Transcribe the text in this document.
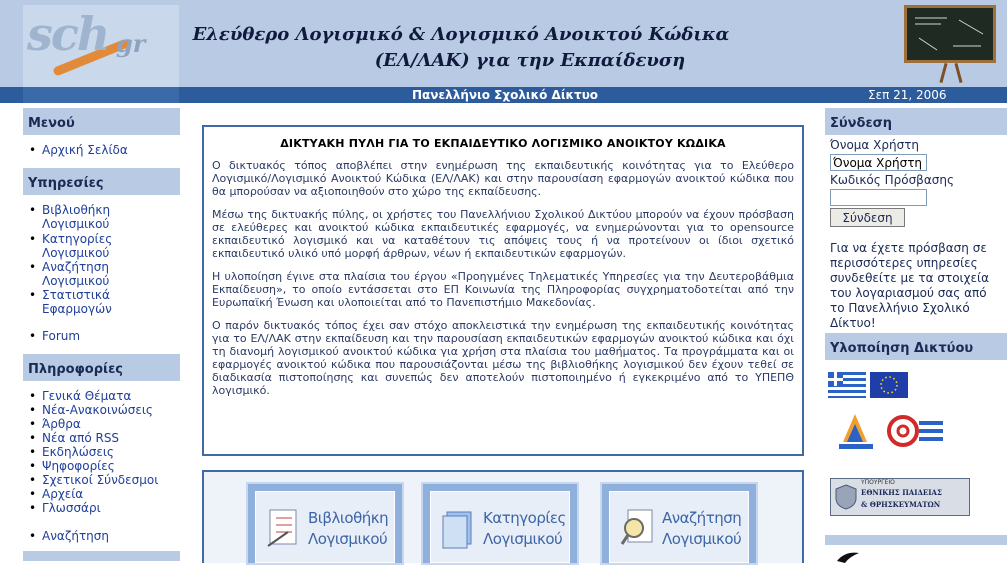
sch gr	Ελεύθερο Λογισμικό & Λογισμικό Ανοικτού Κώδικα
(ΕΛ/ΛΑΚ) για την Εκπαίδευση
Πανελλήνιο Σχολικό Δίκτυο	Σεπ 21, 2006
Μενού
• Αρχική Σελίδα
Υπηρεσίες
• Βιβλιοθήκη Λογισμικού
• Κατηγορίες Λογισμικού
• Αναζήτηση Λογισμικού
• Στατιστικά Εφαρμογών
• Forum
Πληροφορίες
• Γενικά Θέματα
• Νέα-Ανακοινώσεις
• Άρθρα
• Νέα από RSS
• Εκδηλώσεις
• Ψηφοφορίες
• Σχετικοί Σύνδεσμοι
• Αρχεία
• Γλωσσάρι
• Αναζήτηση
ΔΙΚΤΥΑΚΗ ΠΥΛΗ ΓΙΑ ΤΟ ΕΚΠΑΙΔΕΥΤΙΚΟ ΛΟΓΙΣΜΙΚΟ ΑΝΟΙΚΤΟΥ ΚΩΔΙΚΑ

Ο δικτυακός τόπος αποβλέπει στην ενημέρωση της εκπαιδευτικής κοινότητας για το Ελεύθερο Λογισμικό/Λογισμικό Ανοικτού Κώδικα (ΕΛ/ΛΑΚ) και στην παρουσίαση εφαρμογών ανοικτού κώδικα που θα μπορούσαν να αξιοποιηθούν στο χώρο της εκπαίδευσης.

Μέσω της δικτυακής πύλης, οι χρήστες του Πανελλήνιου Σχολικού Δικτύου μπορούν να έχουν πρόσβαση σε ελεύθερες και ανοικτού κώδικα εκπαιδευτικές εφαρμογές, να ενημερώνονται για το opensource εκπαιδευτικό λογισμικό και να καταθέτουν τις απόψεις τους ή να προτείνουν οι ίδιοι σχετικό εκπαιδευτικό υλικό υπό μορφή άρθρων, νέων ή εκπαιδευτικών εφαρμογών.

Η υλοποίηση έγινε στα πλαίσια του έργου «Προηγμένες Τηλεματικές Υπηρεσίες για την Δευτεροβάθμια Εκπαίδευση», το οποίο εντάσσεται στο ΕΠ Κοινωνία της Πληροφορίας συγχρηματοδοτείται από την Ευρωπαϊκή Ένωση και υλοποιείται από το Πανεπιστήμιο Μακεδονίας.

Ο παρόν δικτυακός τόπος έχει σαν στόχο αποκλειστικά την ενημέρωση της εκπαιδευτικής κοινότητας για το ΕΛ/ΛΑΚ στην εκπαίδευση και την παρουσίαση εκπαιδευτικών εφαρμογών ανοικτού κώδικα και όχι τη διανομή λογισμικού ανοικτού κώδικα για χρήση στα πλαίσια του μαθήματος. Τα προγράμματα και οι εφαρμογές ανοικτού κώδικα που παρουσιάζονται μέσω της βιβλιοθήκης λογισμικού δεν έχουν τεθεί σε διαδικασία πιστοποίησης και συνεπώς δεν αποτελούν πιστοποιημένο ή εγκεκριμένο από το ΥΠΕΠΘ λογισμικό.

Βιβλιοθήκη
Λογισμικού
Κατηγορίες
Λογισμικού
Αναζήτηση
Λογισμικού
Σύνδεση
Όνομα Χρήστη
Όνομα Χρήστη
Κωδικός Πρόσβασης
Σύνδεση
Για να έχετε πρόσβαση σε περισσότερες υπηρεσίες συνδεθείτε με τα στοιχεία του λογαριασμού σας από το Πανελλήνιο Σχολικό Δίκτυο!
Υλοποίηση Δικτύου
ΥΠΟΥΡΓΕΙΟ
ΕΘΝΙΚΗΣ ΠΑΙΔΕΙΑΣ
& ΘΡΗΣΚΕΥΜΑΤΩΝ
